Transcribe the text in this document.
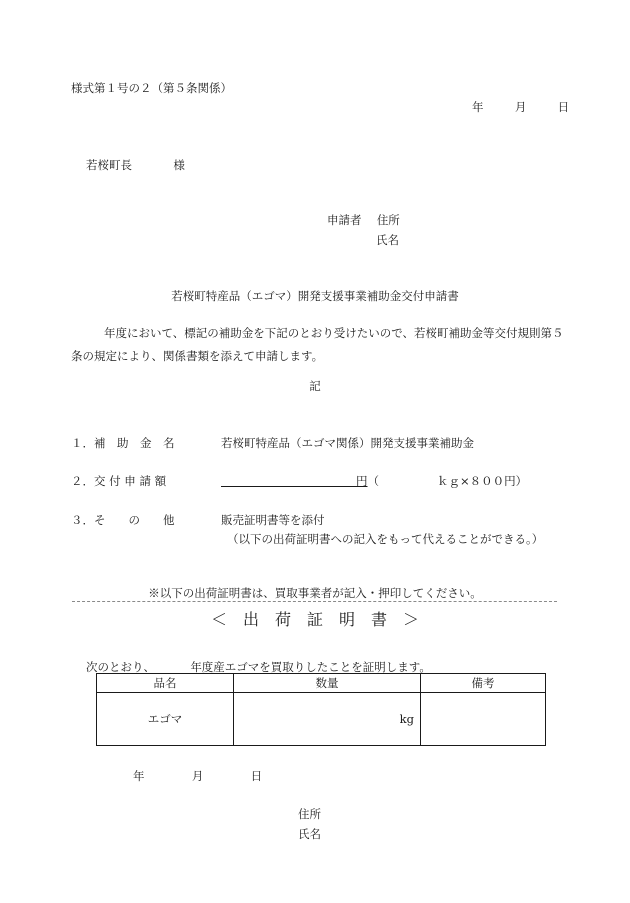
様式第１号の２（第５条関係）
年	月	日
若桜町長	様
申請者 住所
氏名
若桜町特産品（エゴマ）開発支援事業補助金交付申請書
年度において、標記の補助金を下記のとおり受けたいので、若桜町補助金等交付規則第５条の規定により、関係書類を添えて申請します。
記
１．補　助　金　名	若桜町特産品（エゴマ関係）開発支援事業補助金
２．交 付 申 請 額	円（	ｋｇ×８００円）
３．そ　　の　　他	販売証明書等を添付
（以下の出荷証明書への記入をもって代えることができる。）
※以下の出荷証明書は、買取事業者が記入・押印してください。
＜　出　荷　証　明　書　＞
次のとおり、	年度産エゴマを買取りしたことを証明します。
品名	数量	備考
エゴマ	kg	
年	月	日
住所
氏名
